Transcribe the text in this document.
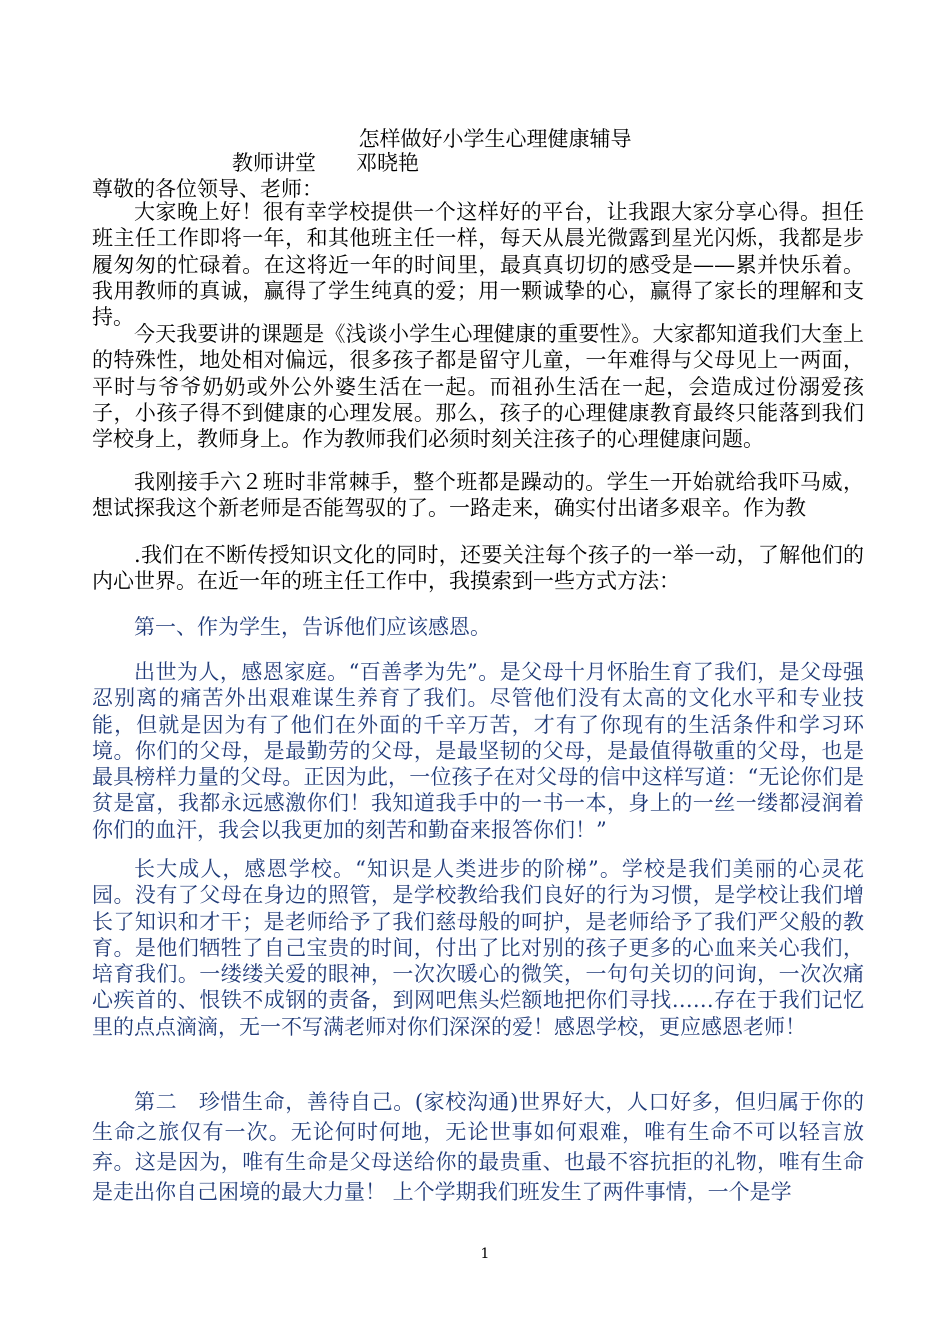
怎样做好小学生心理健康辅导
教师讲堂      邓晓艳
尊敬的各位领导、老师：

大家晚上好！很有幸学校提供一个这样好的平台，让我跟大家分享心得。担任班主任工作即将一年，和其他班主任一样，每天从晨光微露到星光闪烁，我都是步履匆匆的忙碌着。在这将近一年的时间里，最真真切切的感受是——累并快乐着。我用教师的真诚，赢得了学生纯真的爱；用一颗诚挚的心，赢得了家长的理解和支持。

今天我要讲的课题是《浅谈小学生心理健康的重要性》。大家都知道我们大奎上的特殊性，地处相对偏远，很多孩子都是留守儿童，一年难得与父母见上一两面，平时与爷爷奶奶或外公外婆生活在一起。而祖孙生活在一起，会造成过份溺爱孩子，小孩子得不到健康的心理发展。那么，孩子的心理健康教育最终只能落到我们学校身上，教师身上。作为教师我们必须时刻关注孩子的心理健康问题。

我刚接手六２班时非常棘手，整个班都是躁动的。学生一开始就给我吓马威，想试探我这个新老师是否能驾驭的了。一路走来，确实付出诸多艰辛。作为教

.我们在不断传授知识文化的同时，还要关注每个孩子的一举一动，了解他们的内心世界。在近一年的班主任工作中，我摸索到一些方式方法：

第一、作为学生，告诉他们应该感恩。

出世为人，感恩家庭。“百善孝为先”。是父母十月怀胎生育了我们，是父母强忍别离的痛苦外出艰难谋生养育了我们。尽管他们没有太高的文化水平和专业技能，但就是因为有了他们在外面的千辛万苦，才有了你现有的生活条件和学习环境。你们的父母，是最勤劳的父母，是最坚韧的父母，是最值得敬重的父母，也是最具榜样力量的父母。正因为此，一位孩子在对父母的信中这样写道：“无论你们是贫是富，我都永远感激你们！我知道我手中的一书一本，身上的一丝一缕都浸润着你们的血汗，我会以我更加的刻苦和勤奋来报答你们！”

长大成人，感恩学校。“知识是人类进步的阶梯”。学校是我们美丽的心灵花园。没有了父母在身边的照管，是学校教给我们良好的行为习惯，是学校让我们增长了知识和才干；是老师给予了我们慈母般的呵护，是老师给予了我们严父般的教育。是他们牺牲了自己宝贵的时间，付出了比对别的孩子更多的心血来关心我们，培育我们。一缕缕关爱的眼神，一次次暖心的微笑，一句句关切的问询，一次次痛心疾首的、恨铁不成钢的责备，到网吧焦头烂额地把你们寻找……存在于我们记忆里的点点滴滴，无一不写满老师对你们深深的爱！感恩学校，更应感恩老师！

第二　珍惜生命，善待自己。(家校沟通)世界好大，人口好多，但归属于你的生命之旅仅有一次。无论何时何地，无论世事如何艰难，唯有生命不可以轻言放弃。这是因为，唯有生命是父母送给你的最贵重、也最不容抗拒的礼物，唯有生命是走出你自己困境的最大力量！ 上个学期我们班发生了两件事情，一个是学

1
